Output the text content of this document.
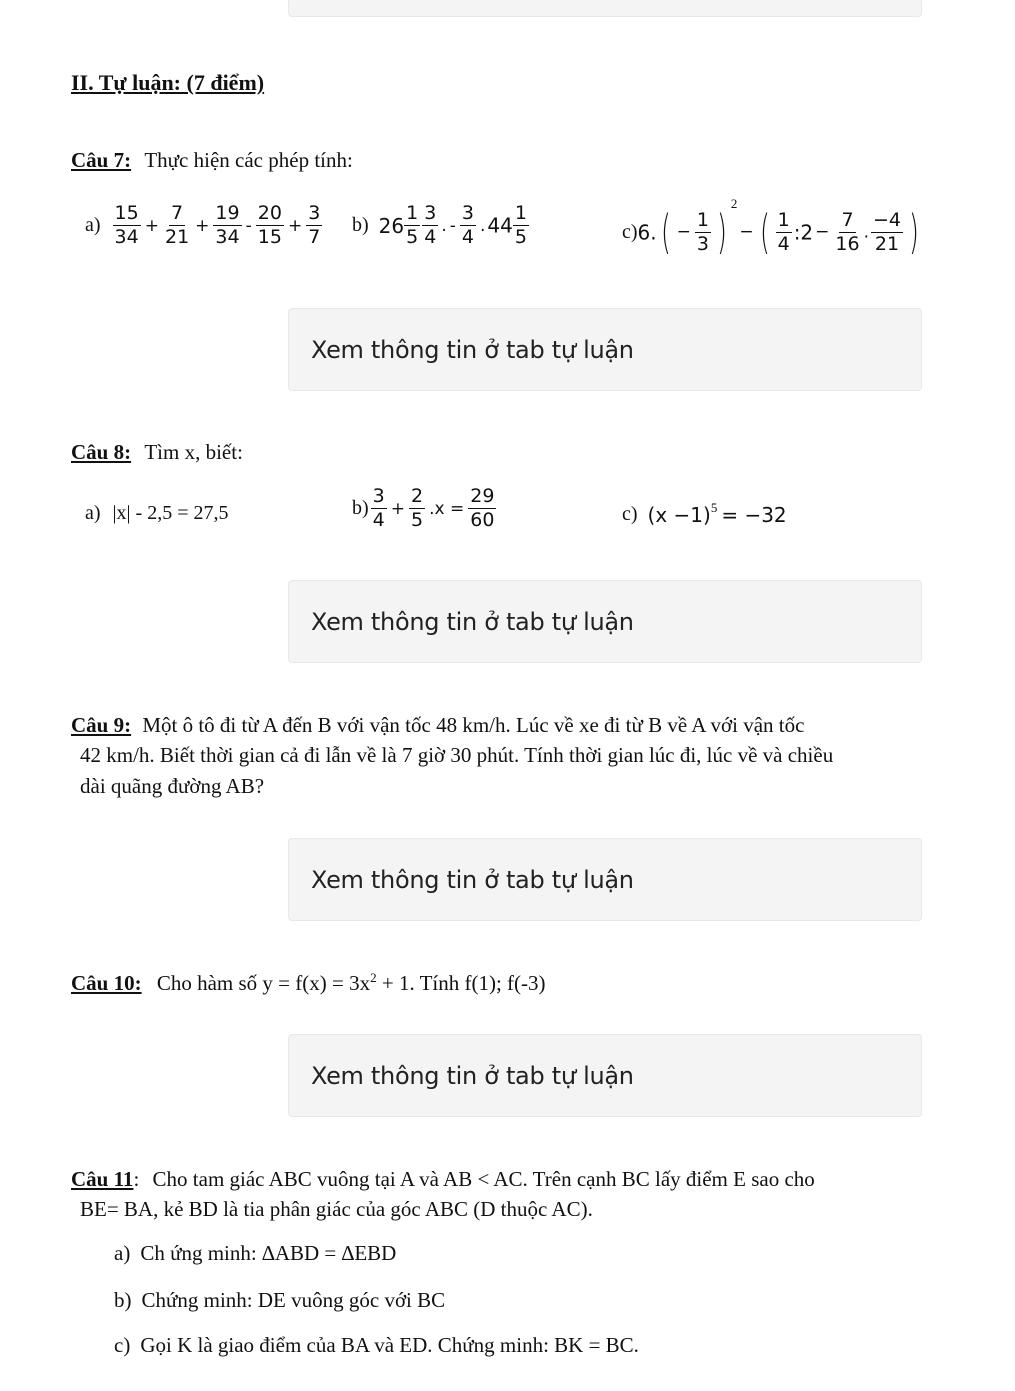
II. Tự luận: (7 điểm)
Câu 7: Thực hiện các phép tính:
$a) \frac{15}{34} + \frac{7}{21} + \frac{19}{34} - \frac{20}{15} + \frac{3}{7} b$) $26 \frac{1}{5} \frac{3}{4}$ . - $\frac{3}{4}$ . $44 \frac{1}{5}$	$c)6.( - \frac{1}{3} )^2-$ ( $\frac{1}{4}$ :2 − $\frac{7}{16}$ . $\frac{-4}{21}$ )
Xem thông tin ở tab tự luận
Câu 8: Tìm x, biết:
a) |x| - 2,5 = 27,5	$b) \frac{3}{4} + \frac{2}{5} .x = \frac{29}{60}$	c) $(x -1)^5 = -32$
Xem thông tin ở tab tự luận
Câu 9: Một ô tô đi từ A đến B với vận tốc 48 km/h. Lúc về xe đi từ B về A với vận tốc
42 km/h. Biết thời gian cả đi lẫn về là 7 giờ 30 phút. Tính thời gian lúc đi, lúc về và chiều
dài quãng đường AB?
Xem thông tin ở tab tự luận
Câu 10: Cho hàm số $y = f(x) = 3x^2 + 1$. Tính f(1); f(-3)
Xem thông tin ở tab tự luận
Câu 11: Cho tam giác ABC vuông tại A và AB < AC. Trên cạnh BC lấy điểm E sao cho
BE= BA, kẻ BD là tia phân giác của góc ABC (D thuộc AC).
a) Ch ứng minh: ∆ABD = ∆EBD
b) Chứng minh: DE vuông góc với BC
c) Gọi K là giao điểm của BA và ED. Chứng minh: BK = BC.
